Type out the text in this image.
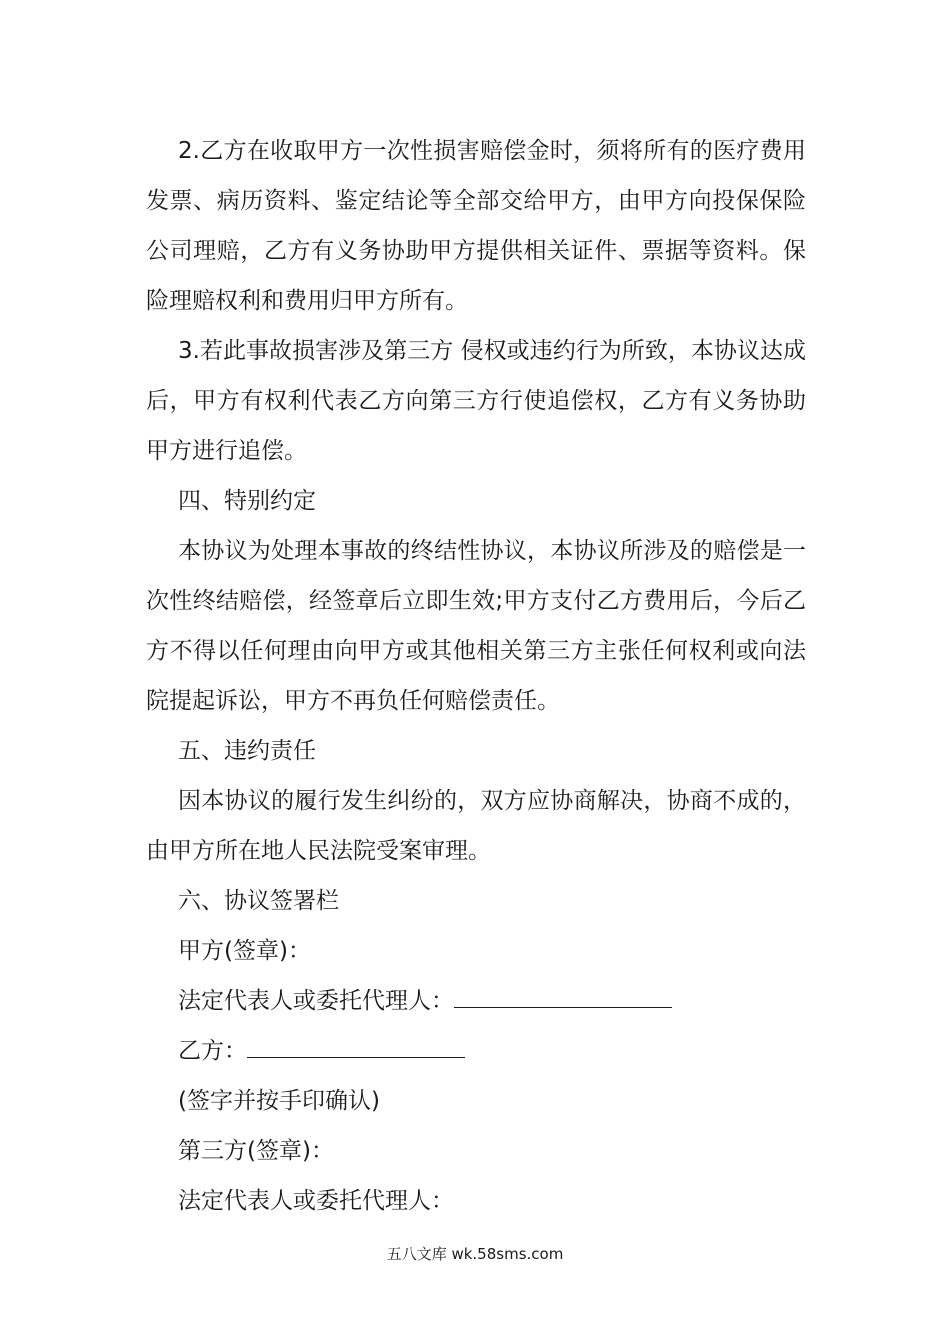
2.乙方在收取甲方一次性损害赔偿金时，须将所有的医疗费用发票、病历资料、鉴定结论等全部交给甲方，由甲方向投保保险公司理赔，乙方有义务协助甲方提供相关证件、票据等资料。保险理赔权利和费用归甲方所有。

3.若此事故损害涉及第三方 侵权或违约行为所致，本协议达成后，甲方有权利代表乙方向第三方行使追偿权，乙方有义务协助甲方进行追偿。

四、特别约定

本协议为处理本事故的终结性协议，本协议所涉及的赔偿是一次性终结赔偿，经签章后立即生效;甲方支付乙方费用后，今后乙方不得以任何理由向甲方或其他相关第三方主张任何权利或向法院提起诉讼，甲方不再负任何赔偿责任。

五、违约责任

因本协议的履行发生纠纷的，双方应协商解决，协商不成的，由甲方所在地人民法院受案审理。

六、协议签署栏

甲方(签章)：

法定代表人或委托代理人：

乙方：

(签字并按手印确认)

第三方(签章)：

法定代表人或委托代理人：

五八文库 wk.58sms.com
